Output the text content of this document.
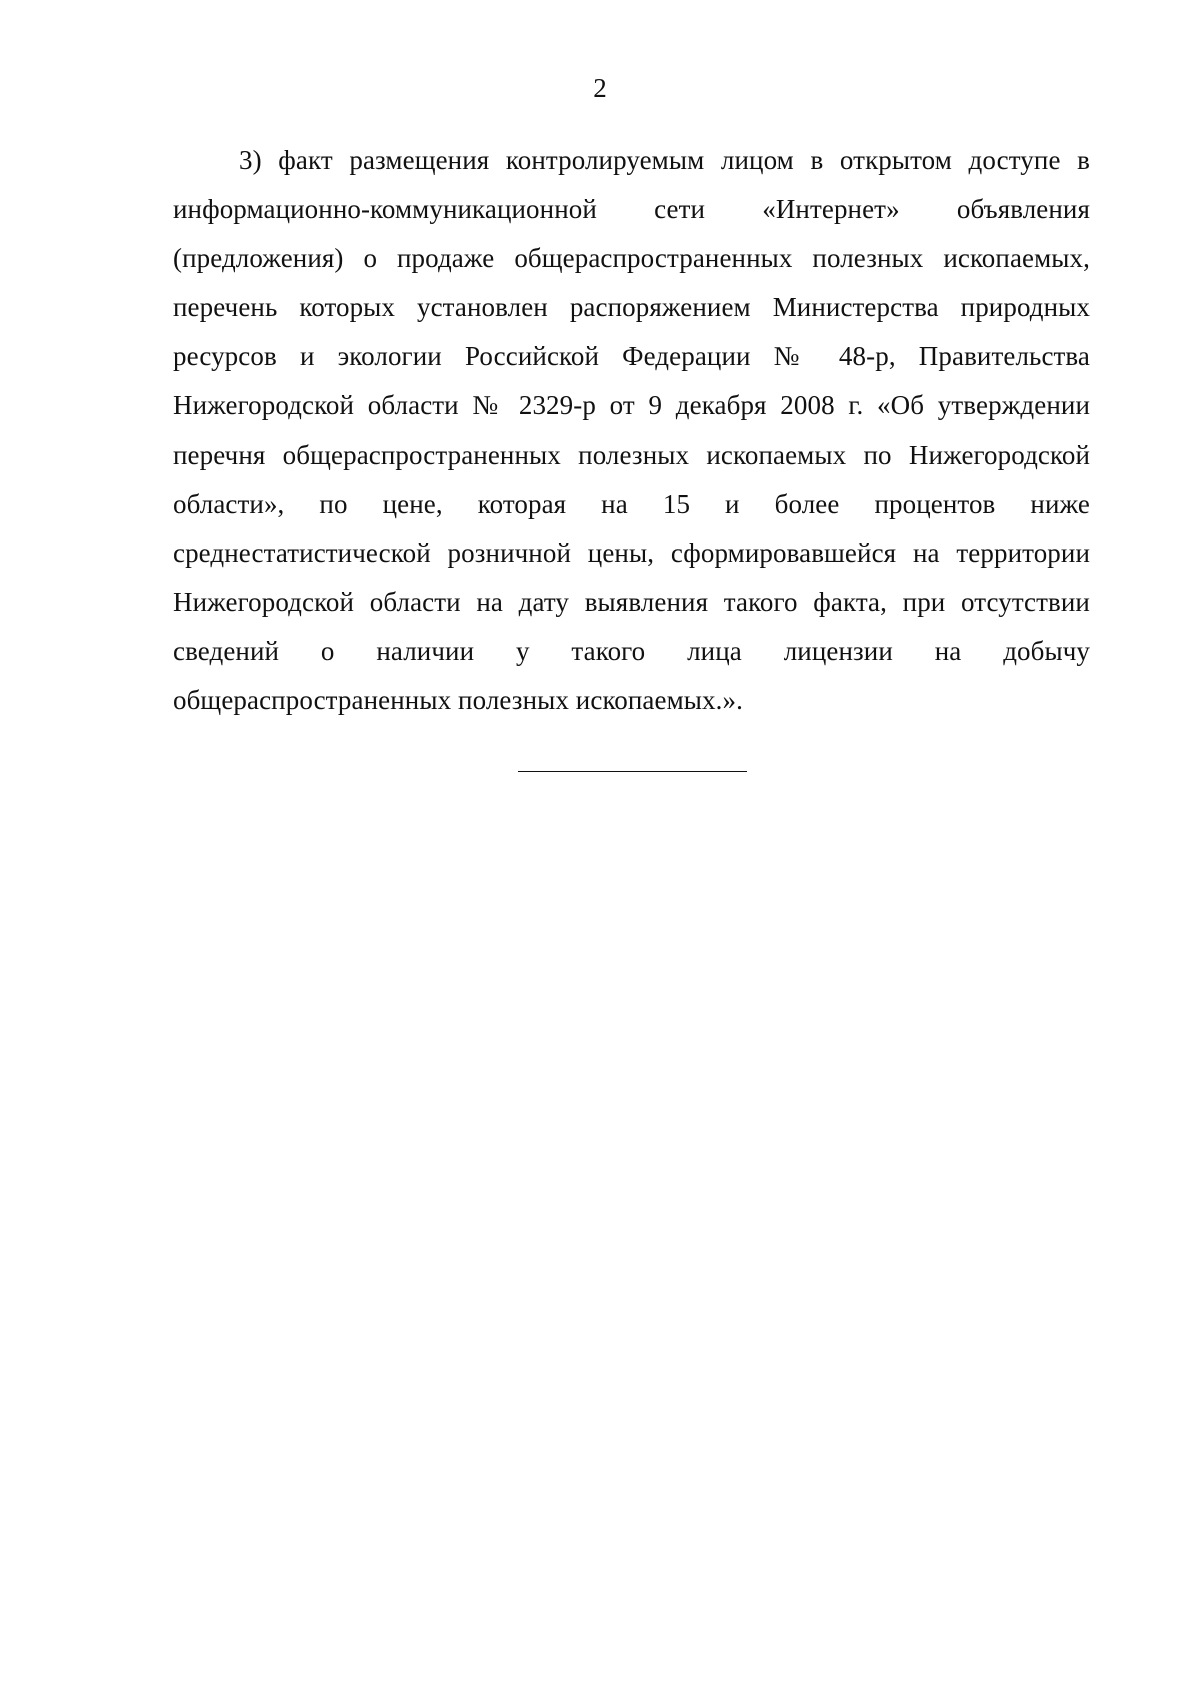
2

3) факт размещения контролируемым лицом в открытом доступе в информационно-коммуникационной сети «Интернет» объявления (предложения) о продаже общераспространенных полезных ископаемых, перечень которых установлен распоряжением Министерства природных ресурсов и экологии Российской Федерации № 48-р, Правительства Нижегородской области № 2329-р от 9 декабря 2008 г. «Об утверждении перечня общераспространенных полезных ископаемых по Нижегородской области», по цене, которая на 15 и более процентов ниже среднестатистической розничной цены, сформировавшейся на территории Нижегородской области на дату выявления такого факта, при отсутствии сведений о наличии у такого лица лицензии на добычу общераспространенных полезных ископаемых.».
